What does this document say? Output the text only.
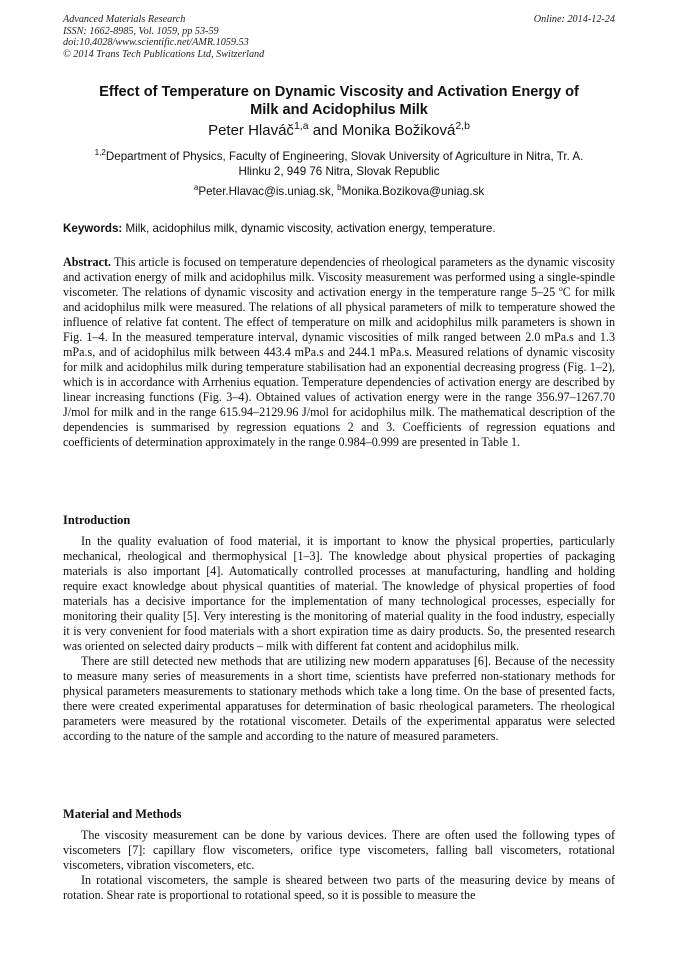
Advanced Materials Research
ISSN: 1662-8985, Vol. 1059, pp 53-59
doi:10.4028/www.scientific.net/AMR.1059.53
© 2014 Trans Tech Publications Ltd, Switzerland
Online: 2014-12-24
Effect of Temperature on Dynamic Viscosity and Activation Energy of
Milk and Acidophilus Milk
Peter Hlaváč$^{1,a}$ and Monika Božiková$^{2,b}$
$^{1,2}$Department of Physics, Faculty of Engineering, Slovak University of Agriculture in Nitra, Tr. A.
Hlinku 2, 949 76 Nitra, Slovak Republic
$^a$Peter.Hlavac@is.uniag.sk, $^b$Monika.Bozikova@uniag.sk
Keywords: Milk, acidophilus milk, dynamic viscosity, activation energy, temperature.

Abstract. This article is focused on temperature dependencies of rheological parameters as the dynamic viscosity and activation energy of milk and acidophilus milk. Viscosity measurement was performed using a single-spindle viscometer. The relations of dynamic viscosity and activation energy in the temperature range 5–25 ºC for milk and acidophilus milk were measured. The relations of all physical parameters of milk to temperature showed the influence of relative fat content. The effect of temperature on milk and acidophilus milk parameters is shown in Fig. 1–4. In the measured temperature interval, dynamic viscosities of milk ranged between 2.0 mPa.s and 1.3 mPa.s, and of acidophilus milk between 443.4 mPa.s and 244.1 mPa.s. Measured relations of dynamic viscosity for milk and acidophilus milk during temperature stabilisation had an exponential decreasing progress (Fig. 1–2), which is in accordance with Arrhenius equation. Temperature dependencies of activation energy are described by linear increasing functions (Fig. 3–4). Obtained values of activation energy were in the range 356.97–1267.70 J/mol for milk and in the range 615.94–2129.96 J/mol for acidophilus milk. The mathematical description of the dependencies is summarised by regression equations 2 and 3. Coefficients of regression equations and coefficients of determination approximately in the range 0.984–0.999 are presented in Table 1.

Introduction

In the quality evaluation of food material, it is important to know the physical properties, particularly mechanical, rheological and thermophysical [1–3]. The knowledge about physical properties of packaging materials is also important [4]. Automatically controlled processes at manufacturing, handling and holding require exact knowledge about physical quantities of material. The knowledge of physical properties of food materials has a decisive importance for the implementation of many technological processes, especially for monitoring their quality [5]. Very interesting is the monitoring of material quality in the food industry, especially it is very convenient for food materials with a short expiration time as dairy products. So, the presented research was oriented on selected dairy products – milk with different fat content and acidophilus milk.

There are still detected new methods that are utilizing new modern apparatuses [6]. Because of the necessity to measure many series of measurements in a short time, scientists have preferred non-stationary methods for physical parameters measurements to stationary methods which take a long time. On the base of presented facts, there were created experimental apparatuses for determination of basic rheological parameters. The rheological parameters were measured by the rotational viscometer. Details of the experimental apparatus were selected according to the nature of the sample and according to the nature of measured parameters.

Material and Methods

The viscosity measurement can be done by various devices. There are often used the following types of viscometers [7]: capillary flow viscometers, orifice type viscometers, falling ball viscometers, rotational viscometers, vibration viscometers, etc.

In rotational viscometers, the sample is sheared between two parts of the measuring device by means of rotation. Shear rate is proportional to rotational speed, so it is possible to measure the
